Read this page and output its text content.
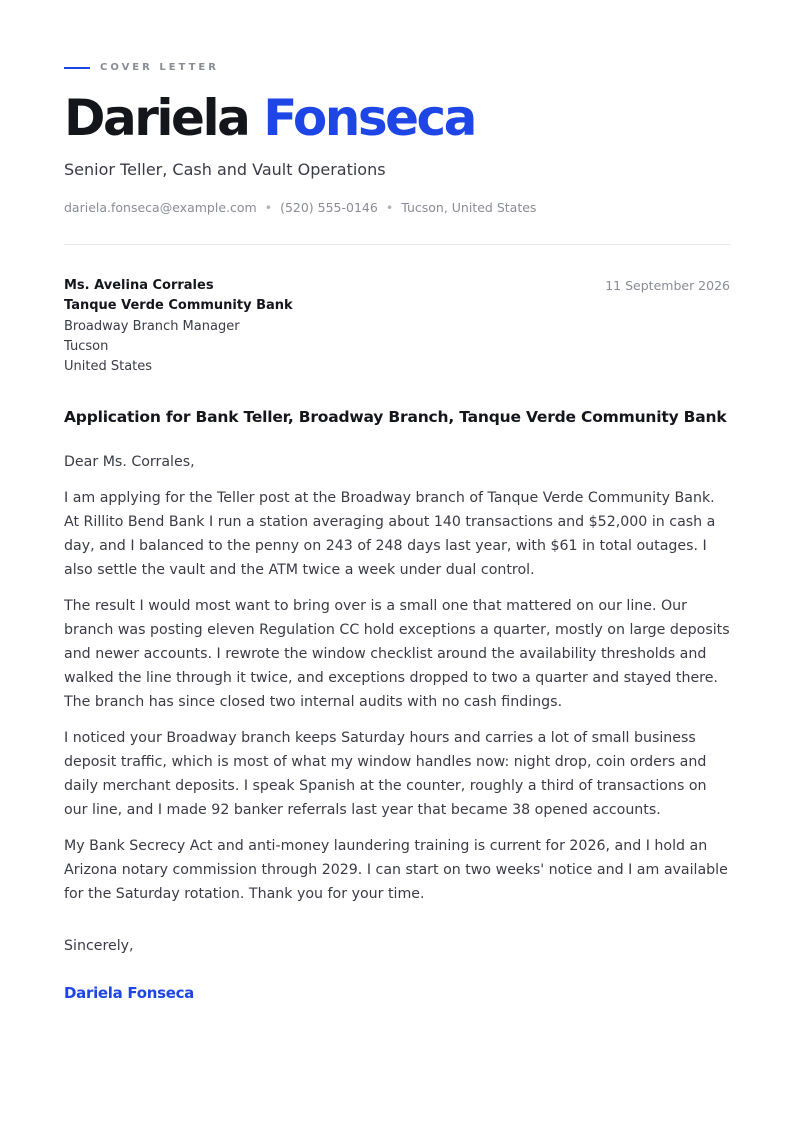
COVER LETTER
Dariela Fonseca
Senior Teller, Cash and Vault Operations
dariela.fonseca@example.com • (520) 555-0146 • Tucson, United States
Ms. Avelina Corrales
Tanque Verde Community Bank
Broadway Branch Manager
Tucson
United States
11 September 2026
Application for Bank Teller, Broadway Branch, Tanque Verde Community Bank

Dear Ms. Corrales,

I am applying for the Teller post at the Broadway branch of Tanque Verde Community Bank. At Rillito Bend Bank I run a station averaging about 140 transactions and $52,000 in cash a day, and I balanced to the penny on 243 of 248 days last year, with $61 in total outages. I also settle the vault and the ATM twice a week under dual control.

The result I would most want to bring over is a small one that mattered on our line. Our branch was posting eleven Regulation CC hold exceptions a quarter, mostly on large deposits and newer accounts. I rewrote the window checklist around the availability thresholds and walked the line through it twice, and exceptions dropped to two a quarter and stayed there. The branch has since closed two internal audits with no cash findings.

I noticed your Broadway branch keeps Saturday hours and carries a lot of small business deposit traffic, which is most of what my window handles now: night drop, coin orders and daily merchant deposits. I speak Spanish at the counter, roughly a third of transactions on our line, and I made 92 banker referrals last year that became 38 opened accounts.

My Bank Secrecy Act and anti-money laundering training is current for 2026, and I hold an Arizona notary commission through 2029. I can start on two weeks' notice and I am available for the Saturday rotation. Thank you for your time.

Sincerely,
Dariela Fonseca
